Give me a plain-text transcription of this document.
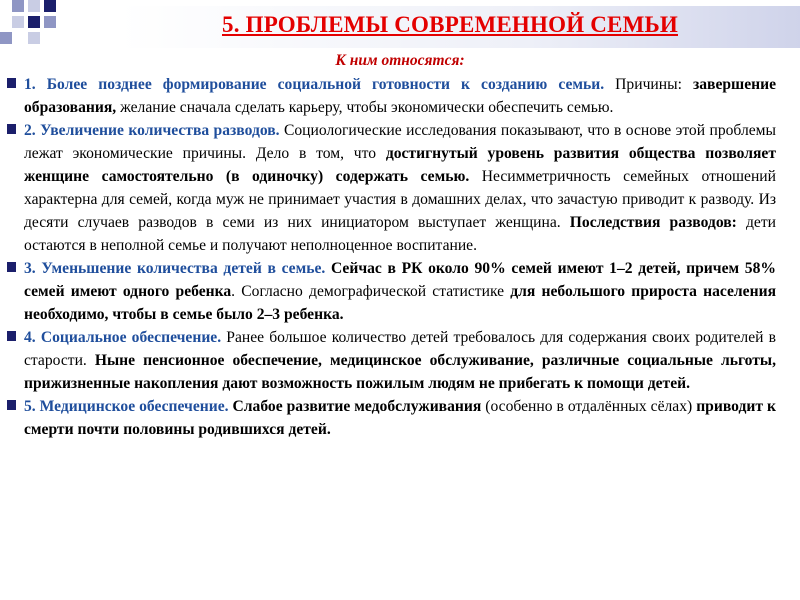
5. ПРОБЛЕМЫ СОВРЕМЕННОЙ СЕМЬИ
К ним относятся:

1. Более позднее формирование социальной готовности к созданию семьи. Причины: завершение образования, желание сначала сделать карьеру, чтобы экономически обеспечить семью.

2. Увеличение количества разводов. Социологические исследования показывают, что в основе этой проблемы лежат экономические причины. Дело в том, что достигнутый уровень развития общества позволяет женщине самостоятельно (в одиночку) содержать семью. Несимметричность семейных отношений характерна для семей, когда муж не принимает участия в домашних делах, что зачастую приводит к разводу. Из десяти случаев разводов в семи из них инициатором выступает женщина. Последствия разводов: дети остаются в неполной семье и получают неполноценное воспитание.

3. Уменьшение количества детей в семье. Сейчас в РК около 90% семей имеют 1–2 детей, причем 58% семей имеют одного ребенка. Согласно демографической статистике для небольшого прироста населения необходимо, чтобы в семье было 2–3 ребенка.

4. Социальное обеспечение. Ранее большое количество детей требовалось для содержания своих родителей в старости. Ныне пенсионное обеспечение, медицинское обслуживание, различные социальные льготы, прижизненные накопления дают возможность пожилым людям не прибегать к помощи детей.

5. Медицинское обеспечение. Слабое развитие медобслуживания (особенно в отдалённых сёлах) приводит к смерти почти половины родившихся детей.
